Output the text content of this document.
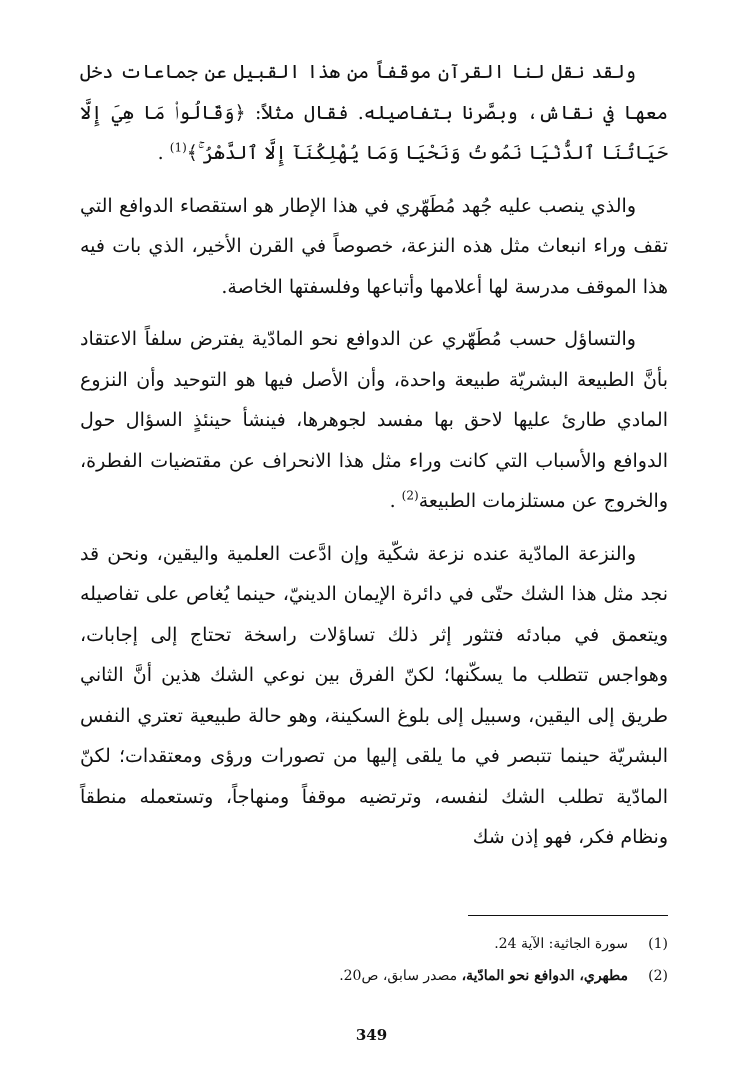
ولقد نقل لنا القرآن موقفاً من هذا القبيل عن جماعات دخل معها في نقاش، وبصَّرنا بتفاصيله. فقال مثلاً: ﴿وَقَالُوا۟ مَا هِيَ إِلَّا حَيَاتُنَا ٱلدُّنْيَا نَمُوتُ وَنَحْيَا وَمَا يُهْلِكُنَآ إِلَّا ٱلدَّهْرُ ۚ﴾$^{(1)}$ .

والذي ينصب عليه جُهد مُطَهّري في هذا الإطار هو استقصاء الدوافع التي تقف وراء انبعاث مثل هذه النزعة، خصوصاً في القرن الأخير، الذي بات فيه هذا الموقف مدرسة لها أعلامها وأتباعها وفلسفتها الخاصة.

والتساؤل حسب مُطَهّري عن الدوافع نحو المادّية يفترض سلفاً الاعتقاد بأنَّ الطبيعة البشريّة طبيعة واحدة، وأن الأصل فيها هو التوحيد وأن النزوع المادي طارئ عليها لاحق بها مفسد لجوهرها، فينشأ حينئذٍ السؤال حول الدوافع والأسباب التي كانت وراء مثل هذا الانحراف عن مقتضيات الفطرة، والخروج عن مستلزمات الطبيعة$^{(2)}$ .

والنزعة المادّية عنده نزعة شكّية وإن ادَّعت العلمية واليقين، ونحن قد نجد مثل هذا الشك حتّى في دائرة الإيمان الدينيّ، حينما يُغاص على تفاصيله ويتعمق في مبادئه فتثور إثر ذلك تساؤلات راسخة تحتاج إلى إجابات، وهواجس تتطلب ما يسكّنها؛ لكنّ الفرق بين نوعي الشك هذين أنَّ الثاني طريق إلى اليقين، وسبيل إلى بلوغ السكينة، وهو حالة طبيعية تعتري النفس البشريّة حينما تتبصر في ما يلقى إليها من تصورات ورؤى ومعتقدات؛ لكنّ المادّية تطلب الشك لنفسه، وترتضيه موقفاً ومنهاجاً، وتستعمله منطقاً ونظام فكر، فهو إذن شك

(1)
سورة الجاثية: الآية 24.
(2)
مطهري، الدوافع نحو المادّية، مصدر سابق، ص20.
349
